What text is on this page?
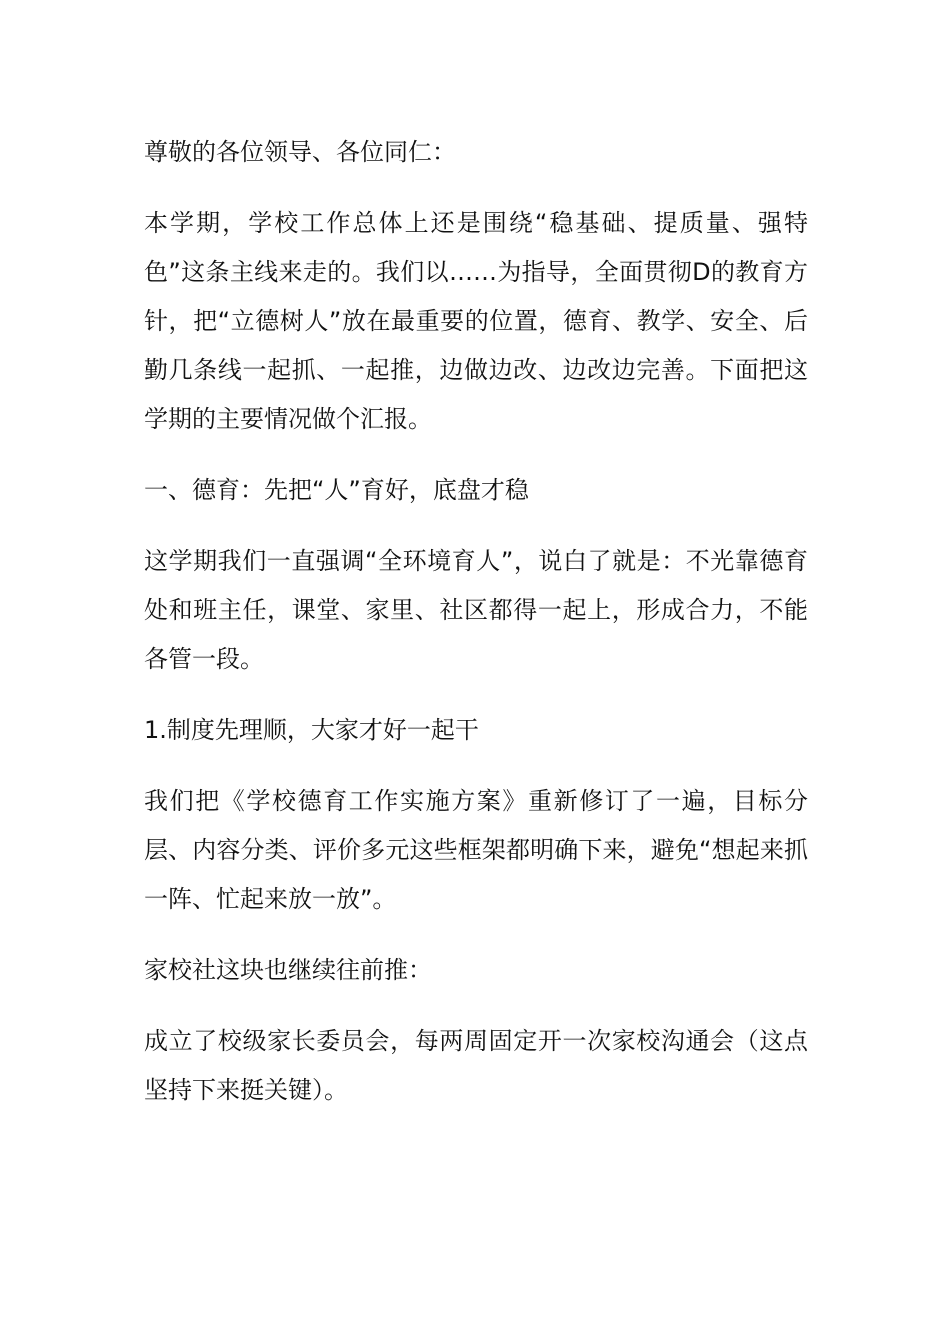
尊敬的各位领导、各位同仁：

本学期，学校工作总体上还是围绕“稳基础、提质量、强特色”这条主线来走的。我们以……为指导，全面贯彻D的教育方针，把“立德树人”放在最重要的位置，德育、教学、安全、后勤几条线一起抓、一起推，边做边改、边改边完善。下面把这学期的主要情况做个汇报。

一、德育：先把“人”育好，底盘才稳

这学期我们一直强调“全环境育人”，说白了就是：不光靠德育处和班主任，课堂、家里、社区都得一起上，形成合力，不能各管一段。

1.制度先理顺，大家才好一起干

我们把《学校德育工作实施方案》重新修订了一遍，目标分层、内容分类、评价多元这些框架都明确下来，避免“想起来抓一阵、忙起来放一放”。

家校社这块也继续往前推：

成立了校级家长委员会，每两周固定开一次家校沟通会（这点坚持下来挺关键）。
